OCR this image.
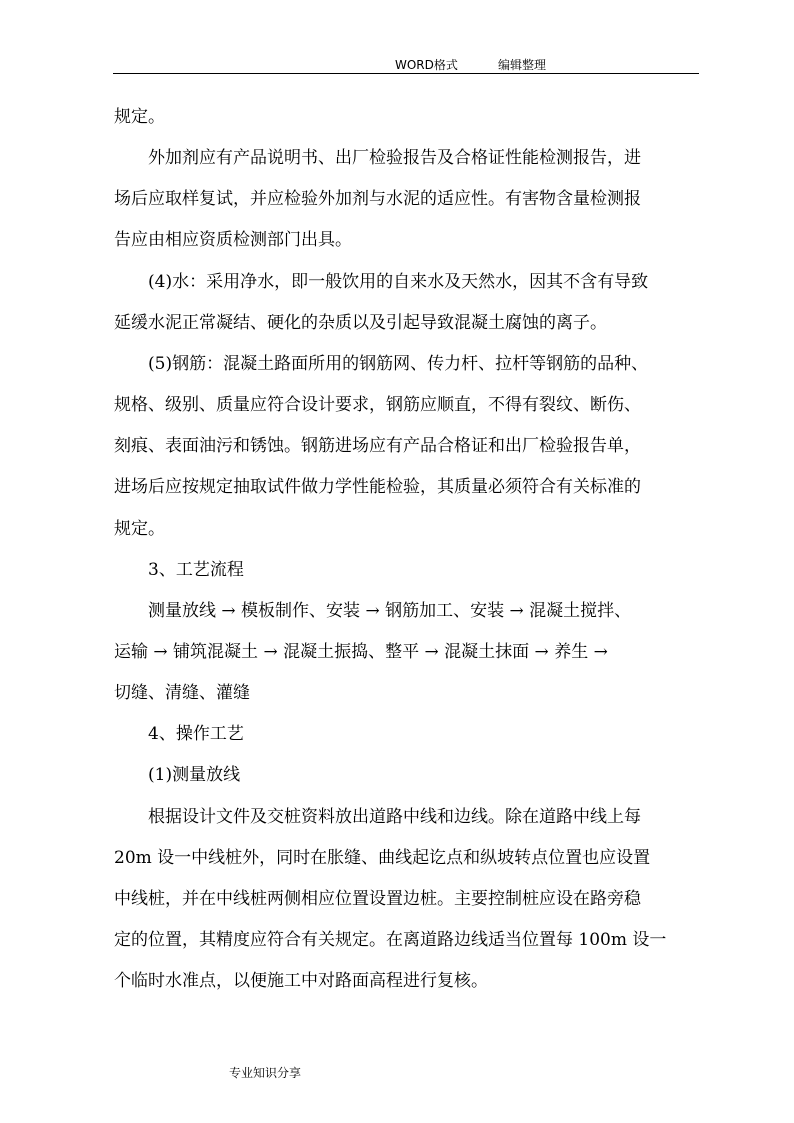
WORD格式	编辑整理
规定。
外加剂应有产品说明书、出厂检验报告及合格证性能检测报告，进
场后应取样复试，并应检验外加剂与水泥的适应性。有害物含量检测报
告应由相应资质检测部门出具。
(4)水：采用净水，即一般饮用的自来水及天然水，因其不含有导致
延缓水泥正常凝结、硬化的杂质以及引起导致混凝土腐蚀的离子。
(5)钢筋：混凝土路面所用的钢筋网、传力杆、拉杆等钢筋的品种、
规格、级别、质量应符合设计要求，钢筋应顺直，不得有裂纹、断伤、
刻痕、表面油污和锈蚀。钢筋进场应有产品合格证和出厂检验报告单，
进场后应按规定抽取试件做力学性能检验，其质量必须符合有关标准的
规定。
3、工艺流程
测量放线 → 模板制作、安装 → 钢筋加工、安装 → 混凝土搅拌、
运输 → 铺筑混凝土 → 混凝土振捣、整平 → 混凝土抹面 → 养生 →
切缝、清缝、灌缝
4、操作工艺
(1)测量放线
根据设计文件及交桩资料放出道路中线和边线。除在道路中线上每
20m 设一中线桩外，同时在胀缝、曲线起讫点和纵坡转点位置也应设置
中线桩，并在中线桩两侧相应位置设置边桩。主要控制桩应设在路旁稳
定的位置，其精度应符合有关规定。在离道路边线适当位置每 100m 设一
个临时水准点，以便施工中对路面高程进行复核。
专业知识分享
